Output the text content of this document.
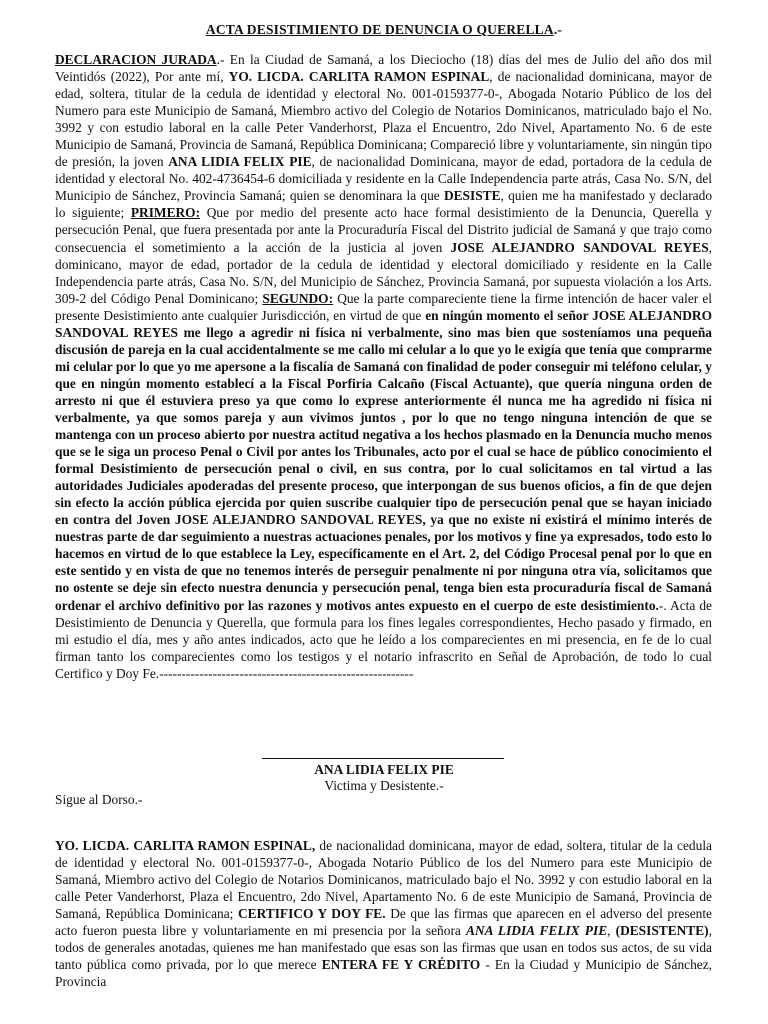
ACTA DESISTIMIENTO DE DENUNCIA O QUERELLA.-

DECLARACION JURADA.- En la Ciudad de Samaná, a los Dieciocho (18) días del mes de Julio del año dos mil Veintidós (2022), Por ante mí, YO. LICDA. CARLITA RAMON ESPINAL, de nacionalidad dominicana, mayor de edad, soltera, titular de la cedula de identidad y electoral No. 001-0159377-0-, Abogada Notario Público de los del Numero para este Municipio de Samaná, Miembro activo del Colegio de Notarios Dominicanos, matriculado bajo el No. 3992 y con estudio laboral en la calle Peter Vanderhorst, Plaza el Encuentro, 2do Nivel, Apartamento No. 6 de este Municipio de Samaná, Provincia de Samaná, República Dominicana; Compareció libre y voluntariamente, sin ningún tipo de presión, la joven ANA LIDIA FELIX PIE, de nacionalidad Dominicana, mayor de edad, portadora de la cedula de identidad y electoral No. 402-4736454-6 domiciliada y residente en la Calle Independencia parte atrás, Casa No. S/N, del Municipio de Sánchez, Provincia Samaná; quien se denominara la que DESISTE, quien me ha manifestado y declarado lo siguiente; PRIMERO: Que por medio del presente acto hace formal desistimiento de la Denuncia, Querella y persecución Penal, que fuera presentada por ante la Procuraduría Fiscal del Distrito judicial de Samaná y que trajo como consecuencia el sometimiento a la acción de la justicia al joven JOSE ALEJANDRO SANDOVAL REYES, dominicano, mayor de edad, portador de la cedula de identidad y electoral domiciliado y residente en la Calle Independencia parte atrás, Casa No. S/N, del Municipio de Sánchez, Provincia Samaná, por supuesta violación a los Arts. 309-2 del Código Penal Dominicano; SEGUNDO: Que la parte compareciente tiene la firme intención de hacer valer el presente Desistimiento ante cualquier Jurisdicción, en virtud de que en ningún momento el señor JOSE ALEJANDRO SANDOVAL REYES me llego a agredir ni física ni verbalmente, sino mas bien que sosteníamos una pequeña discusión de pareja en la cual accidentalmente se me callo mi celular a lo que yo le exigía que tenía que comprarme mi celular por lo que yo me apersone a la fiscalía de Samaná con finalidad de poder conseguir mi teléfono celular, y que en ningún momento establecí a la Fiscal Porfiria Calcaño (Fiscal Actuante), que quería ninguna orden de arresto ni que él estuviera preso ya que como lo exprese anteriormente él nunca me ha agredido ni física ni verbalmente, ya que somos pareja y aun vivimos juntos , por lo que no tengo ninguna intención de que se mantenga con un proceso abierto por nuestra actitud negativa a los hechos plasmado en la Denuncia mucho menos que se le siga un proceso Penal o Civil por antes los Tribunales, acto por el cual se hace de público conocimiento el formal Desistimiento de persecución penal o civil, en sus contra, por lo cual solicitamos en tal virtud a las autoridades Judiciales apoderadas del presente proceso, que interpongan de sus buenos oficios, a fin de que dejen sin efecto la acción pública ejercida por quien suscribe cualquier tipo de persecución penal que se hayan iniciado en contra del Joven JOSE ALEJANDRO SANDOVAL REYES, ya que no existe ni existirá el mínimo interés de nuestras parte de dar seguimiento a nuestras actuaciones penales, por los motivos y fine ya expresados, todo esto lo hacemos en virtud de lo que establece la Ley, específicamente en el Art. 2, del Código Procesal penal por lo que en este sentido y en vista de que no tenemos interés de perseguir penalmente ni por ninguna otra vía, solicitamos que no ostente se deje sin efecto nuestra denuncia y persecución penal, tenga bien esta procuraduría fiscal de Samaná ordenar el archivo definitivo por las razones y motivos antes expuesto en el cuerpo de este desistimiento.-. Acta de Desistimiento de Denuncia y Querella, que formula para los fines legales correspondientes, Hecho pasado y firmado, en mi estudio el día, mes y año antes indicados, acto que he leído a los comparecientes en mi presencia, en fe de lo cual firman tanto los comparecientes como los testigos y el notario infrascrito en Señal de Aprobación, de todo lo cual Certifico y Doy Fe.---------------------------------------------------------

ANA LIDIA FELIX PIE
Victima y Desistente.-
Sigue al Dorso.-

YO. LICDA. CARLITA RAMON ESPINAL, de nacionalidad dominicana, mayor de edad, soltera, titular de la cedula de identidad y electoral No. 001-0159377-0-, Abogada Notario Público de los del Numero para este Municipio de Samaná, Miembro activo del Colegio de Notarios Dominicanos, matriculado bajo el No. 3992 y con estudio laboral en la calle Peter Vanderhorst, Plaza el Encuentro, 2do Nivel, Apartamento No. 6 de este Municipio de Samaná, Provincia de Samaná, República Dominicana; CERTIFICO Y DOY FE. De que las firmas que aparecen en el adverso del presente acto fueron puesta libre y voluntariamente en mi presencia por la señora ANA LIDIA FELIX PIE, (DESISTENTE), todos de generales anotadas, quienes me han manifestado que esas son las firmas que usan en todos sus actos, de su vida tanto pública como privada, por lo que merece ENTERA FE Y CRÉDITO - En la Ciudad y Municipio de Sánchez, Provincia
